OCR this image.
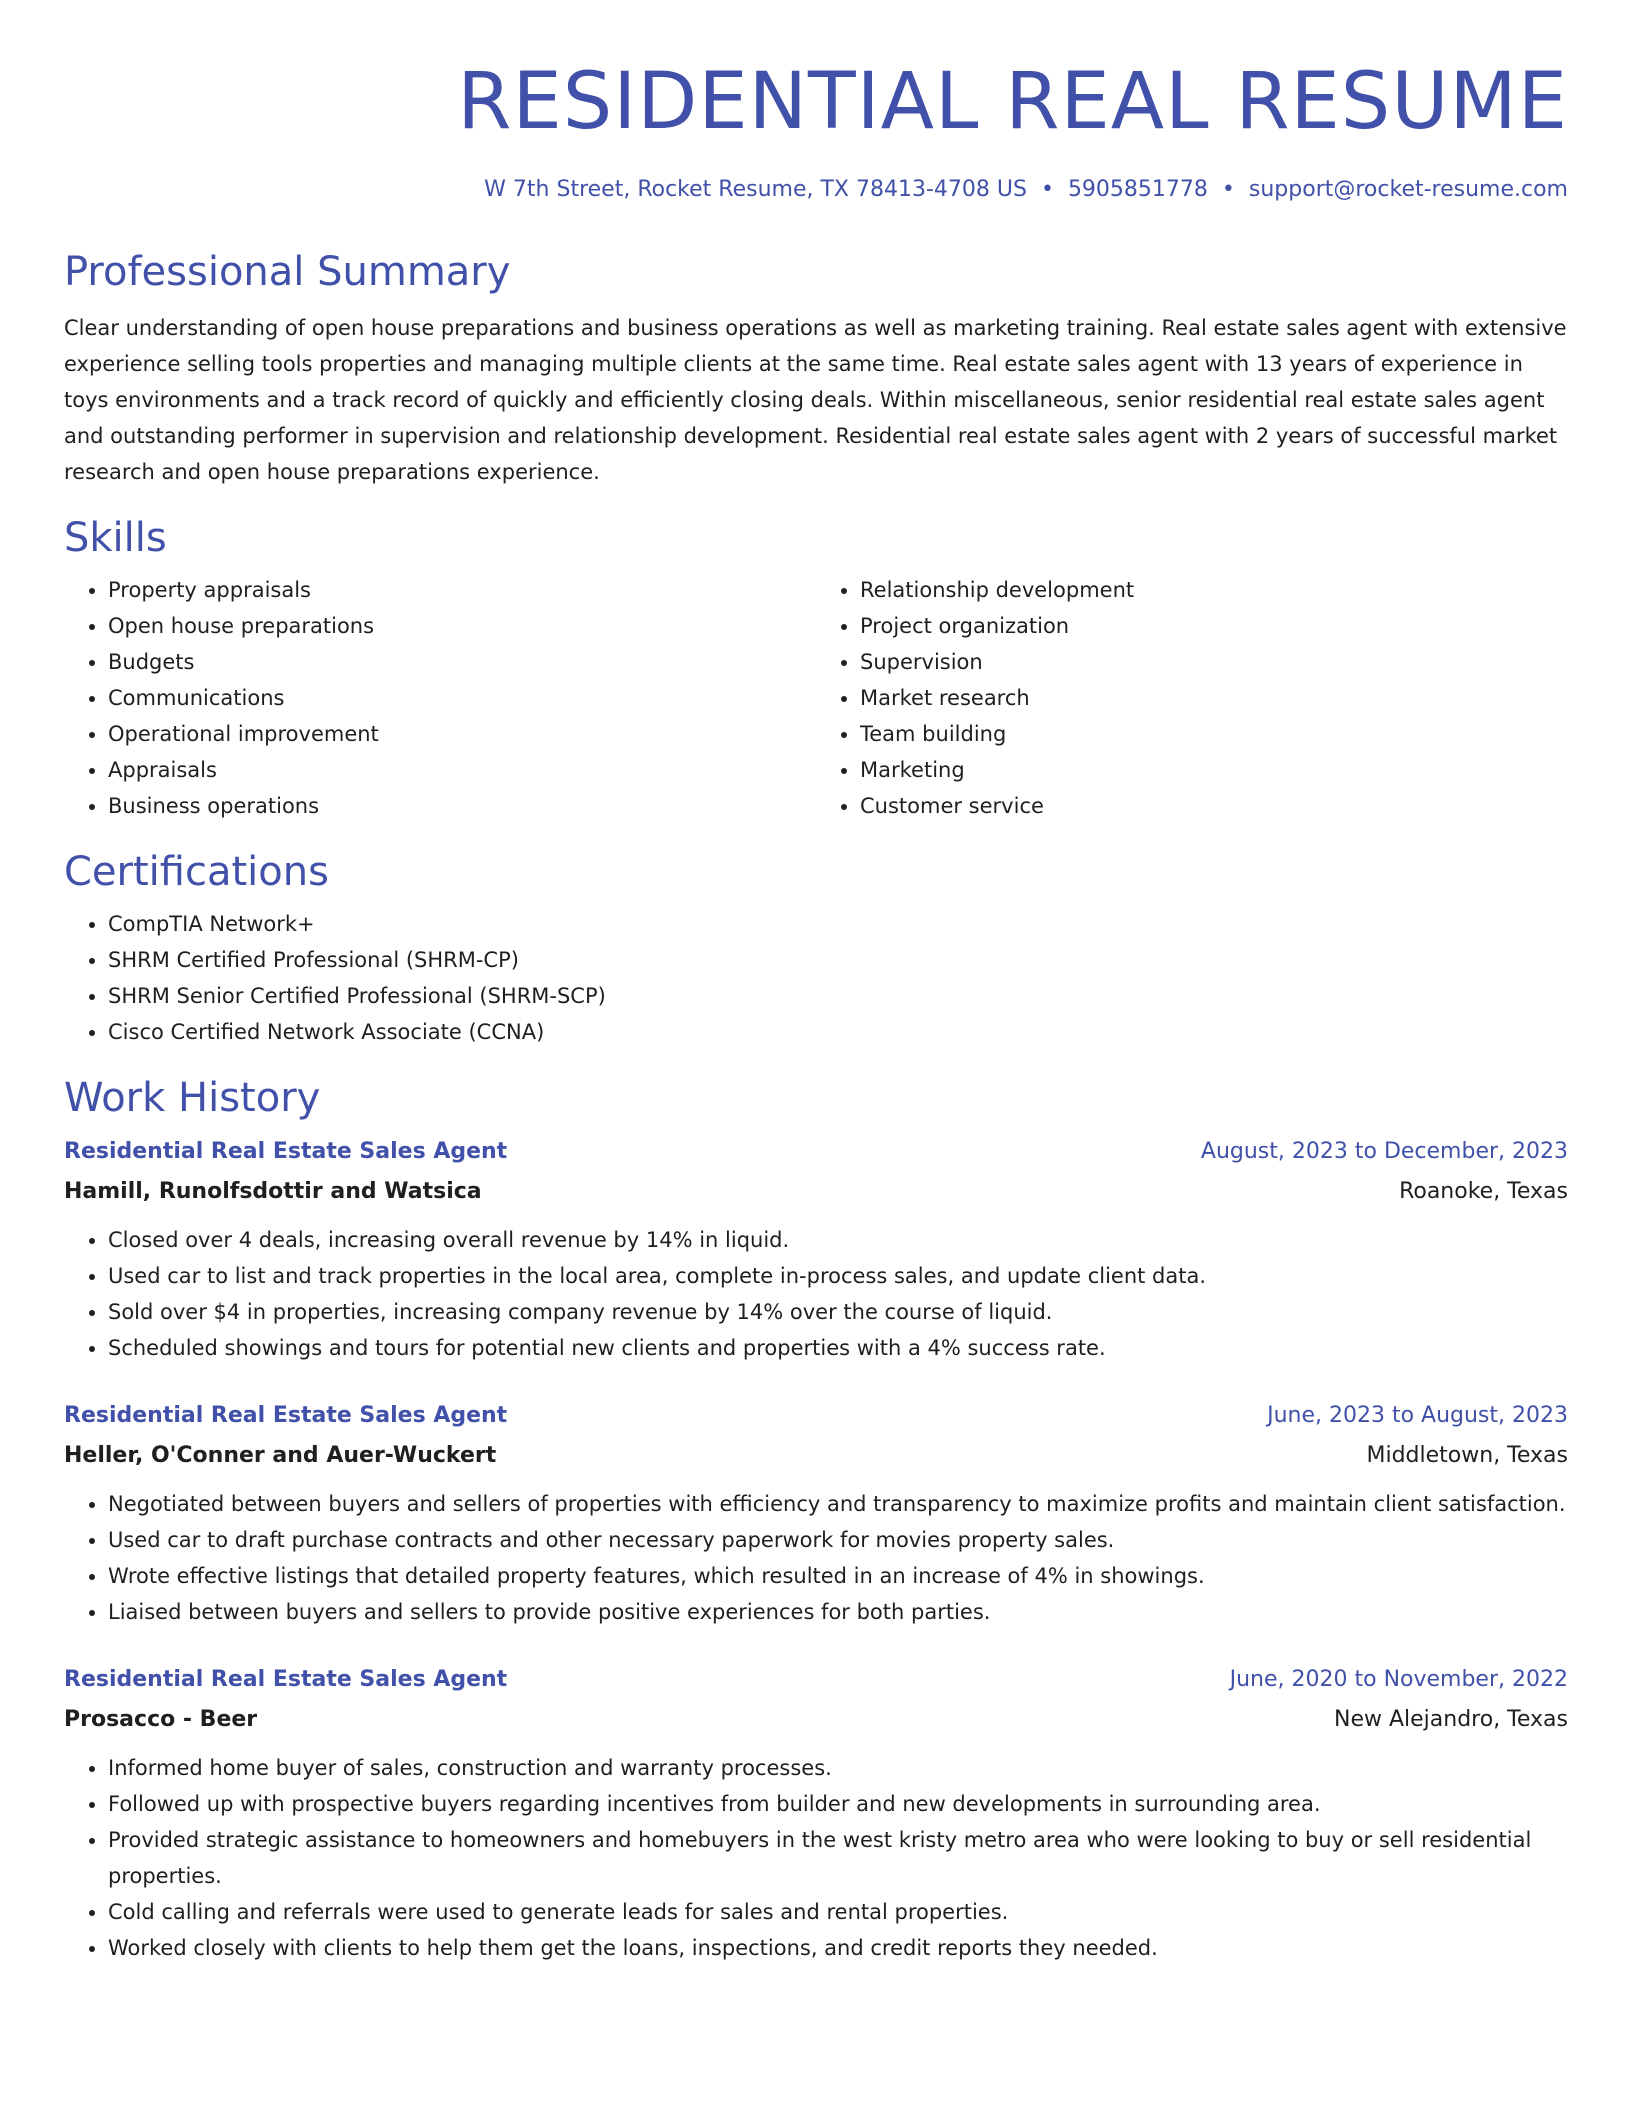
RESIDENTIAL REAL RESUME
W 7th Street, Rocket Resume, TX 78413-4708 US • 5905851778 • support@rocket-resume.com
Professional Summary

Clear understanding of open house preparations and business operations as well as marketing training. Real estate sales agent with extensive experience selling tools properties and managing multiple clients at the same time. Real estate sales agent with 13 years of experience in toys environments and a track record of quickly and efficiently closing deals. Within miscellaneous, senior residential real estate sales agent and outstanding performer in supervision and relationship development. Residential real estate sales agent with 2 years of successful market research and open house preparations experience.

Skills
• Property appraisals
• Open house preparations
• Budgets
• Communications
• Operational improvement
• Appraisals
• Business operations
• Relationship development
• Project organization
• Supervision
• Market research
• Team building
• Marketing
• Customer service
Certifications
• CompTIA Network+
• SHRM Certified Professional (SHRM-CP)
• SHRM Senior Certified Professional (SHRM-SCP)
• Cisco Certified Network Associate (CCNA)
Work History
Residential Real Estate Sales Agent	August, 2023 to December, 2023
Hamill, Runolfsdottir and Watsica	Roanoke, Texas
• Closed over 4 deals, increasing overall revenue by 14% in liquid.
• Used car to list and track properties in the local area, complete in-process sales, and update client data.
• Sold over $4 in properties, increasing company revenue by 14% over the course of liquid.
• Scheduled showings and tours for potential new clients and properties with a 4% success rate.
Residential Real Estate Sales Agent	June, 2023 to August, 2023
Heller, O'Conner and Auer-Wuckert	Middletown, Texas
• Negotiated between buyers and sellers of properties with efficiency and transparency to maximize profits and maintain client satisfaction.
• Used car to draft purchase contracts and other necessary paperwork for movies property sales.
• Wrote effective listings that detailed property features, which resulted in an increase of 4% in showings.
• Liaised between buyers and sellers to provide positive experiences for both parties.
Residential Real Estate Sales Agent	June, 2020 to November, 2022
Prosacco - Beer	New Alejandro, Texas
• Informed home buyer of sales, construction and warranty processes.
• Followed up with prospective buyers regarding incentives from builder and new developments in surrounding area.
• Provided strategic assistance to homeowners and homebuyers in the west kristy metro area who were looking to buy or sell residential properties.
• Cold calling and referrals were used to generate leads for sales and rental properties.
• Worked closely with clients to help them get the loans, inspections, and credit reports they needed.
